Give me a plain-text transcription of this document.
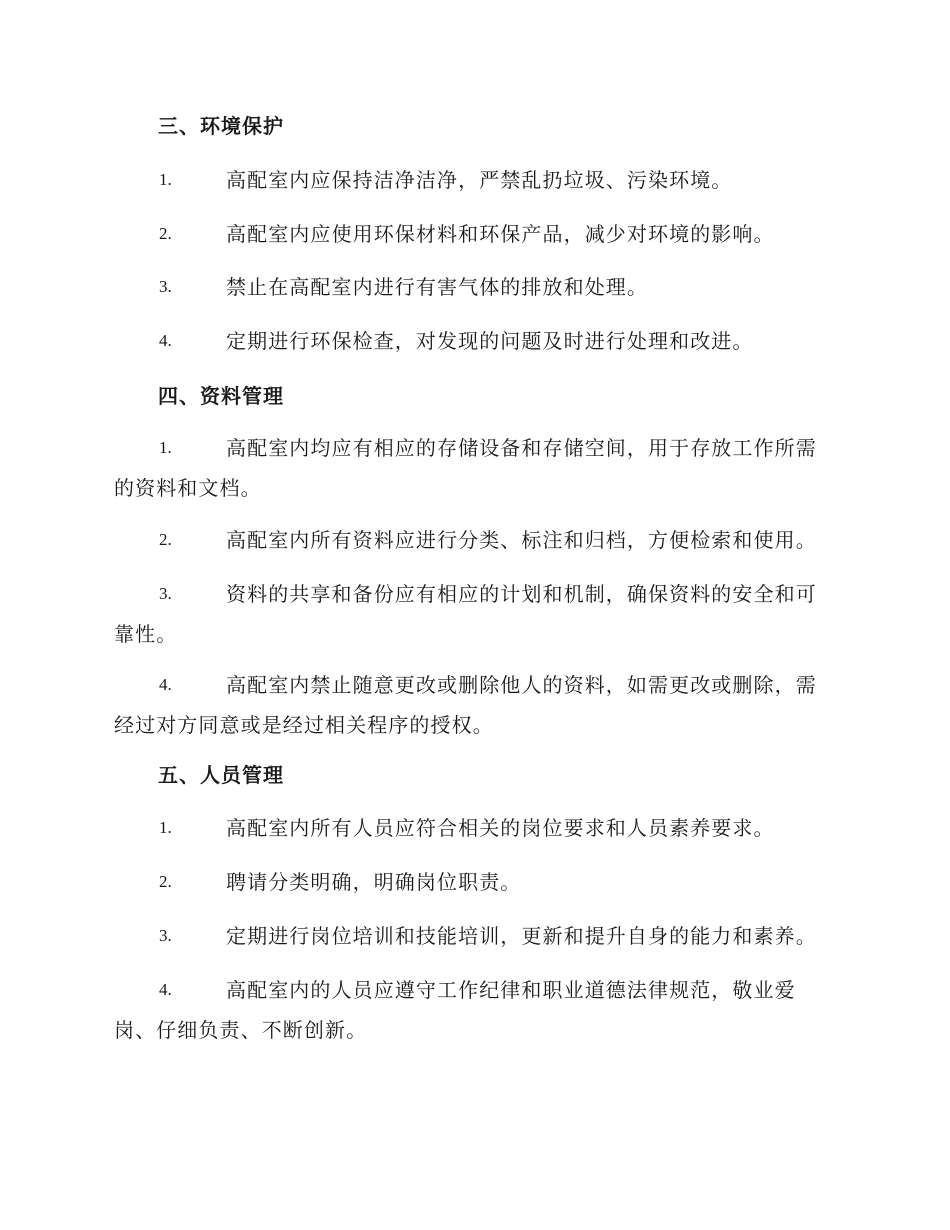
三、环境保护
1.	高配室内应保持洁净洁净，严禁乱扔垃圾、污染环境。
2.	高配室内应使用环保材料和环保产品，减少对环境的影响。
3.	禁止在高配室内进行有害气体的排放和处理。
4.	定期进行环保检查，对发现的问题及时进行处理和改进。
四、资料管理
1.	高配室内均应有相应的存储设备和存储空间，用于存放工作所需
的资料和文档。
2.	高配室内所有资料应进行分类、标注和归档，方便检索和使用。
3.	资料的共享和备份应有相应的计划和机制，确保资料的安全和可
靠性。
4.	高配室内禁止随意更改或删除他人的资料，如需更改或删除，需
经过对方同意或是经过相关程序的授权。
五、人员管理
1.	高配室内所有人员应符合相关的岗位要求和人员素养要求。
2.	聘请分类明确，明确岗位职责。
3.	定期进行岗位培训和技能培训，更新和提升自身的能力和素养。
4.	高配室内的人员应遵守工作纪律和职业道德法律规范，敬业爱
岗、仔细负责、不断创新。
